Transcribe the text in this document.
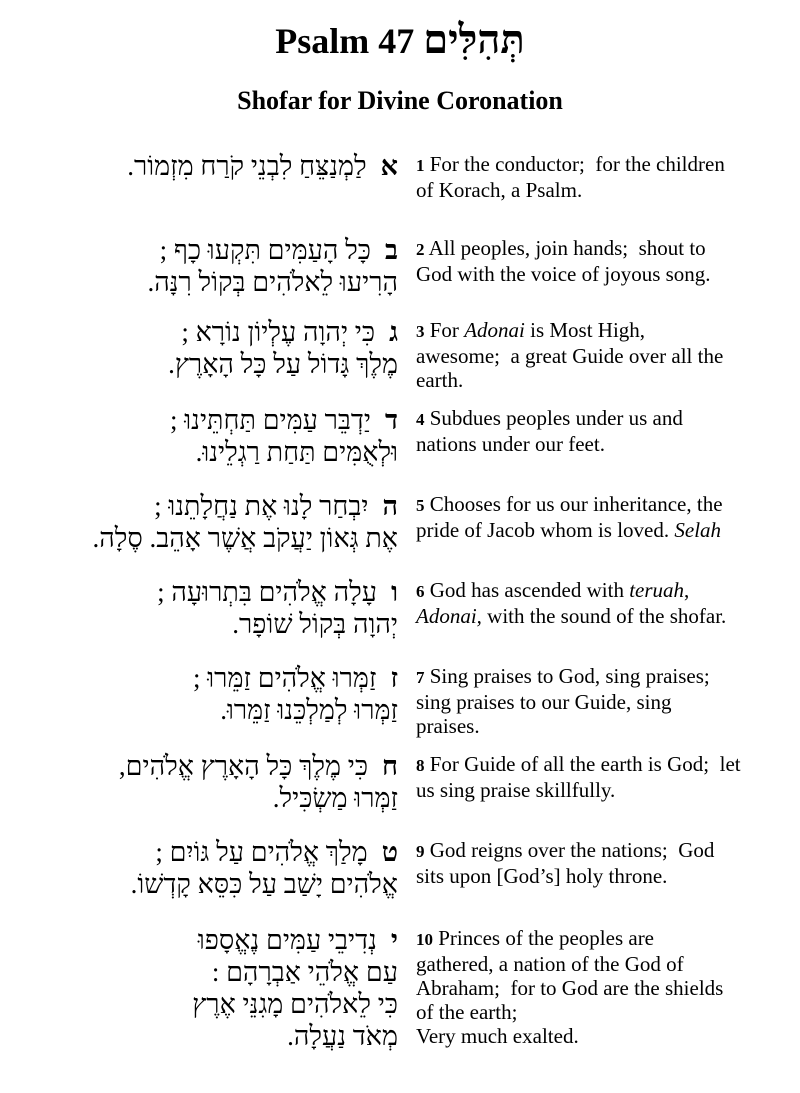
Psalm 47 תְּהִלִּים
Shofar for Divine Coronation
אלַמְנַצֵּחַ לִבְנֵי קֹרַח מִזְמוֹר.	1 For the conductor;  for the children
of Korach, a Psalm.
בכָּל הָעַמִּים תִּקְעוּ כָף ;
הָרִיעוּ לֵאלֹהִים בְּקוֹל רִנָּה.
2 All peoples, join hands;  shout to
God with the voice of joyous song.
גכִּי יְהוָה עֶלְיוֹן נוֹרָא ;
מֶלֶךְ גָּדוֹל עַל כָּל הָאָרֶץ.
3 For Adonai is Most High,
awesome;  a great Guide over all the
earth.
דיַדְבֵּר עַמִּים תַּחְתֵּינוּ ;
וּלְאֻמִּים תַּחַת רַגְלֵינוּ.
4 Subdues peoples under us and
nations under our feet.
היִבְחַר לָנוּ אֶת נַחֲלָתֵנוּ ;
אֶת גְּאוֹן יַעֲקֹב אֲשֶׁר אָהֵב. סֶלָה.
5 Chooses for us our inheritance, the
pride of Jacob whom is loved. Selah
ועָלָה אֱלֹהִים בִּתְרוּעָה ;
יְהוָה בְּקוֹל שׁוֹפָר.
6 God has ascended with teruah,
Adonai, with the sound of the shofar.
זזַמְּרוּ אֱלֹהִים זַמֵּרוּ ;
זַמְּרוּ לְמַלְכֵּנוּ זַמֵּרוּ.
7 Sing praises to God, sing praises;
sing praises to our Guide, sing
praises.
חכִּי מֶלֶךְ כָּל הָאָרֶץ אֱלֹהִים,
זַמְּרוּ מַשְׂכִּיל.
8 For Guide of all the earth is God;  let
us sing praise skillfully.
טמָלַךְ אֱלֹהִים עַל גּוֹיִם ;
אֱלֹהִים יָשַׁב עַל כִּסֵּא קָדְשׁוֹ.
9 God reigns over the nations;  God
sits upon [God’s] holy throne.
ינְדִיבֵי עַמִּים נֶאֱסָפוּ
עַם אֱלֹהֵי אַבְרָהָם :
כִּי לֵאלֹהִים מָגִנֵּי אֶרֶץ
מְאֹד נַעֲלָה.
10 Princes of the peoples are
gathered, a nation of the God of
Abraham;  for to God are the shields
of the earth;
Very much exalted.
